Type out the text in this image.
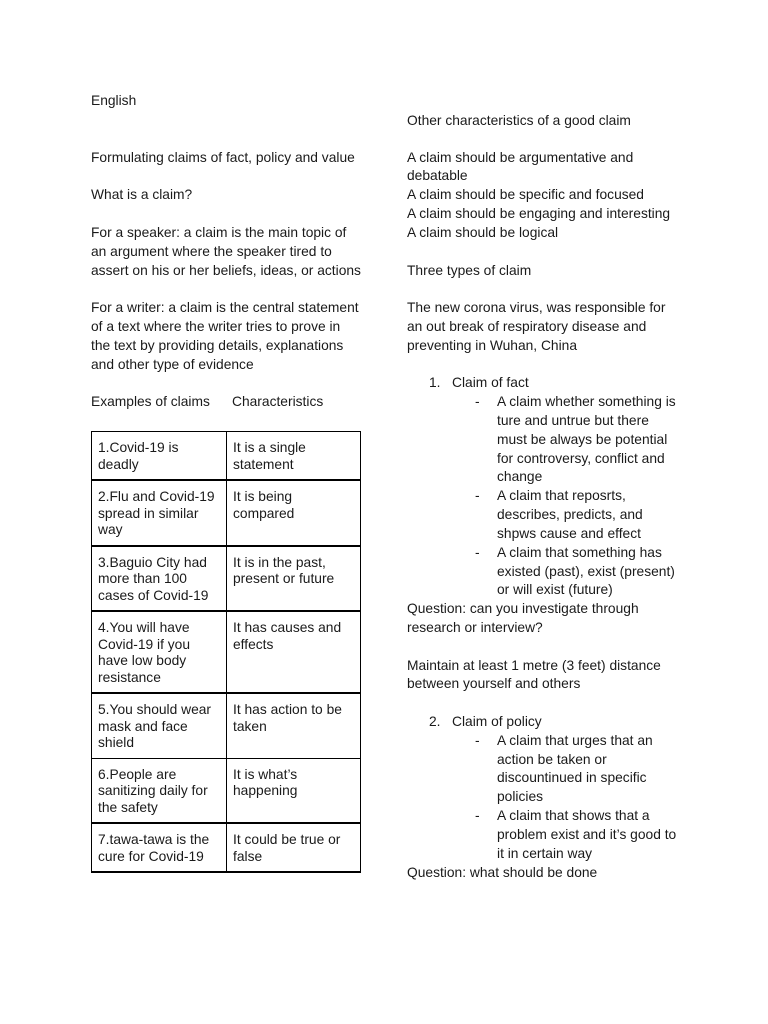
English
Formulating claims of fact, policy and value
What is a claim?
For a speaker: a claim is the main topic of
an argument where the speaker tired to
assert on his or her beliefs, ideas, or actions
For a writer: a claim is the central statement
of a text where the writer tries to prove in
the text by providing details, explanations
and other type of evidence
Examples of claims Characteristics
1.Covid-19 is
deadly	It is a single
statement
2.Flu and Covid-19
spread in similar
way	It is being
compared
3.Baguio City had
more than 100
cases of Covid-19	It is in the past,
present or future
4.You will have
Covid-19 if you
have low body
resistance	It has causes and
effects
5.You should wear
mask and face
shield	It has action to be
taken
6.People are
sanitizing daily for
the safety	It is what’s
happening
7.tawa-tawa is the
cure for Covid-19	It could be true or
false
Other characteristics of a good claim
A claim should be argumentative and
debatable
A claim should be specific and focused
A claim should be engaging and interesting
A claim should be logical
Three types of claim
The new corona virus, was responsible for
an out break of respiratory disease and
preventing in Wuhan, China
1. Claim of fact
- A claim whether something is
ture and untrue but there
must be always be potential
for controversy, conflict and
change
- A claim that reposrts,
describes, predicts, and
shpws cause and effect
- A claim that something has
existed (past), exist (present)
or will exist (future)
Question: can you investigate through
research or interview?
Maintain at least 1 metre (3 feet) distance
between yourself and others
2. Claim of policy
- A claim that urges that an
action be taken or
discountinued in specific
policies
- A claim that shows that a
problem exist and it’s good to
it in certain way
Question: what should be done
